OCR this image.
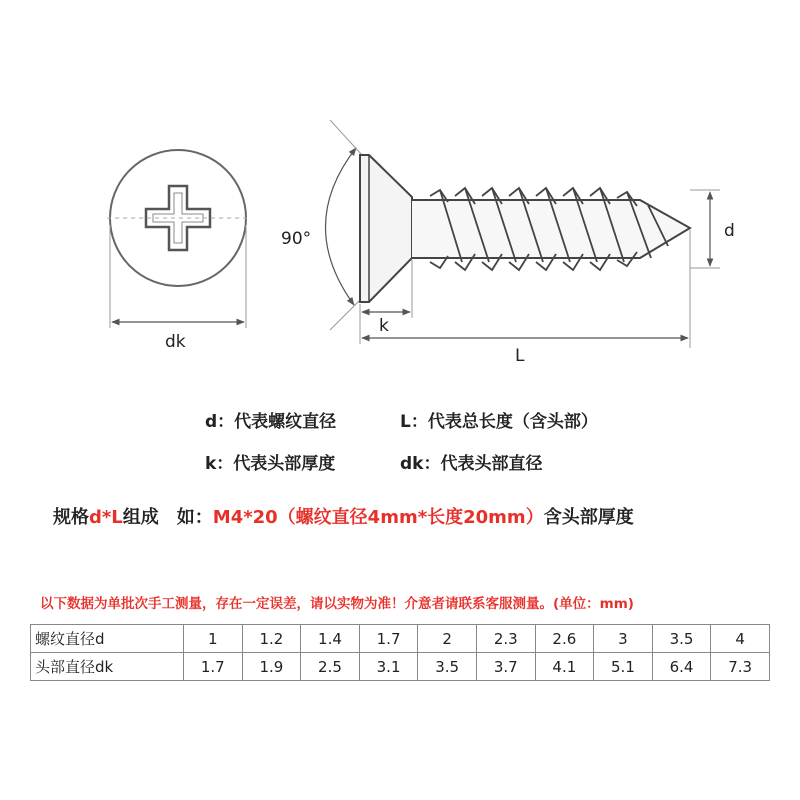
dk
90°
k
L
d
d：代表螺纹直径	L：代表总长度（含头部）
k：代表头部厚度	dk：代表头部直径
规格d*L组成　如：M4*20（螺纹直径4mm*长度20mm）含头部厚度
以下数据为单批次手工测量，存在一定误差，请以实物为准！介意者请联系客服测量。(单位：mm)
螺纹直径d	1	1.2	1.4	1.7	2	2.3	2.6	3	3.5	4
头部直径dk	1.7	1.9	2.5	3.1	3.5	3.7	4.1	5.1	6.4	7.3
